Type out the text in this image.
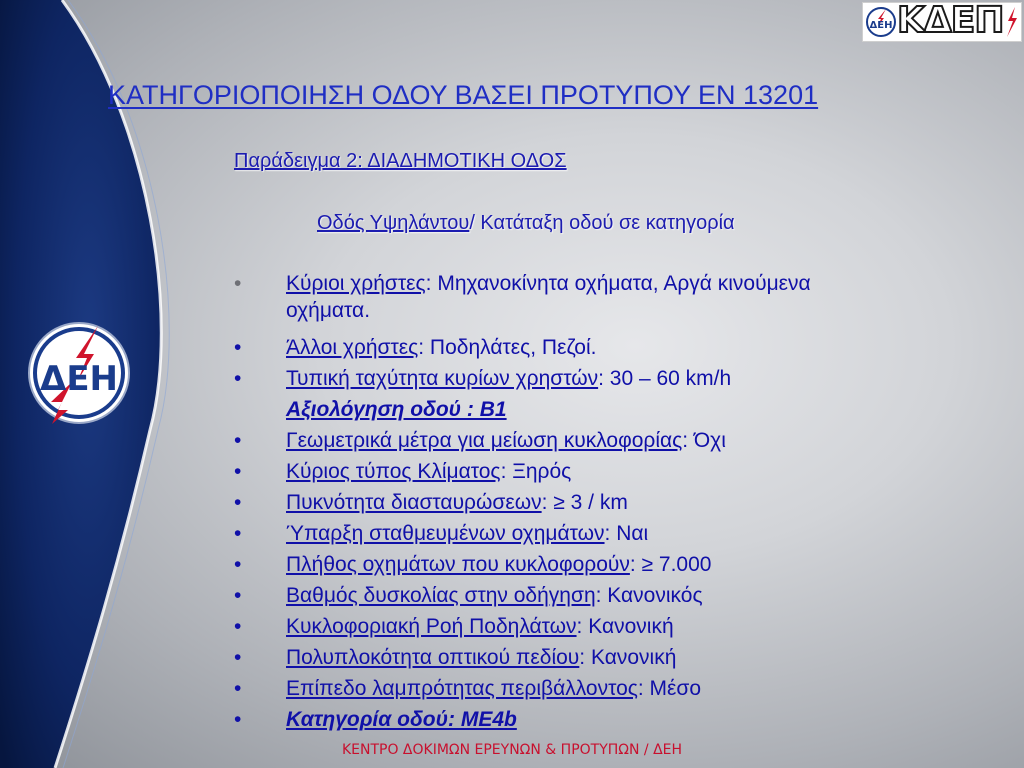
ΔΕΗ
ΔΕΗ ΚΔΕΠ
ΚΑΤΗΓΟΡΙΟΠΟΙΗΣΗ ΟΔΟΥ ΒΑΣΕΙ ΠΡΟΤΥΠΟΥ ΕΝ 13201
Παράδειγμα 2: ΔΙΑΔΗΜΟΤΙΚΗ ΟΔΟΣ
Οδός Υψηλάντου/ Κατάταξη οδού σε κατηγορία
• Κύριοι χρήστες: Μηχανοκίνητα οχήματα, Αργά κινούμενα
οχήματα.
• Άλλοι χρήστες: Ποδηλάτες, Πεζοί.
• Τυπική ταχύτητα κυρίων χρηστών: 30 – 60 km/h
Αξιολόγηση οδού : Β1
• Γεωμετρικά μέτρα για μείωση κυκλοφορίας: Όχι
• Κύριος τύπος Κλίματος: Ξηρός
• Πυκνότητα διασταυρώσεων: ≥ 3 / km
• Ύπαρξη σταθμευμένων οχημάτων: Ναι
• Πλήθος οχημάτων που κυκλοφορούν: ≥ 7.000
• Βαθμός δυσκολίας στην οδήγηση: Κανονικός
• Κυκλοφοριακή Ροή Ποδηλάτων: Κανονική
• Πολυπλοκότητα οπτικού πεδίου: Κανονική
• Επίπεδο λαμπρότητας περιβάλλοντος: Μέσο
• Κατηγορία οδού: ΜΕ4b
ΚΕΝΤΡΟ ΔΟΚΙΜΩΝ ΕΡΕΥΝΩΝ & ΠΡΟΤΥΠΩΝ / ΔΕΗ
